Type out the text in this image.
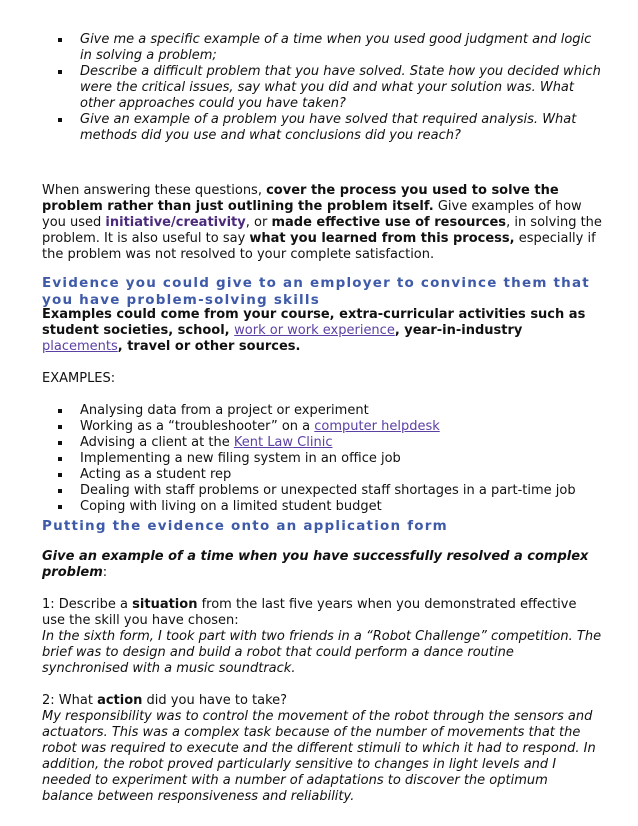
Give me a specific example of a time when you used good judgment and logic in solving a problem;
Describe a difficult problem that you have solved. State how you decided which were the critical issues, say what you did and what your solution was. What other approaches could you have taken?
Give an example of a problem you have solved that required analysis. What methods did you use and what conclusions did you reach?

When answering these questions, cover the process you used to solve the problem rather than just outlining the problem itself. Give examples of how you used initiative/creativity, or made effective use of resources, in solving the problem. It is also useful to say what you learned from this process, especially if the problem was not resolved to your complete satisfaction.

Evidence you could give to an employer to convince them that you have problem-solving skills

Examples could come from your course, extra-curricular activities such as student societies, school, work or work experience, year-in-industry placements, travel or other sources.

EXAMPLES:
Analysing data from a project or experiment
Working as a “troubleshooter” on a computer helpdesk
Advising a client at the Kent Law Clinic
Implementing a new filing system in an office job
Acting as a student rep
Dealing with staff problems or unexpected staff shortages in a part-time job
Coping with living on a limited student budget
Putting the evidence onto an application form

Give an example of a time when you have successfully resolved a complex problem:

1: Describe a situation from the last five years when you demonstrated effective use the skill you have chosen:

In the sixth form, I took part with two friends in a “Robot Challenge” competition. The brief was to design and build a robot that could perform a dance routine synchronised with a music soundtrack.

2: What action did you have to take?

My responsibility was to control the movement of the robot through the sensors and actuators. This was a complex task because of the number of movements that the robot was required to execute and the different stimuli to which it had to respond. In addition, the robot proved particularly sensitive to changes in light levels and I needed to experiment with a number of adaptations to discover the optimum balance between responsiveness and reliability.
